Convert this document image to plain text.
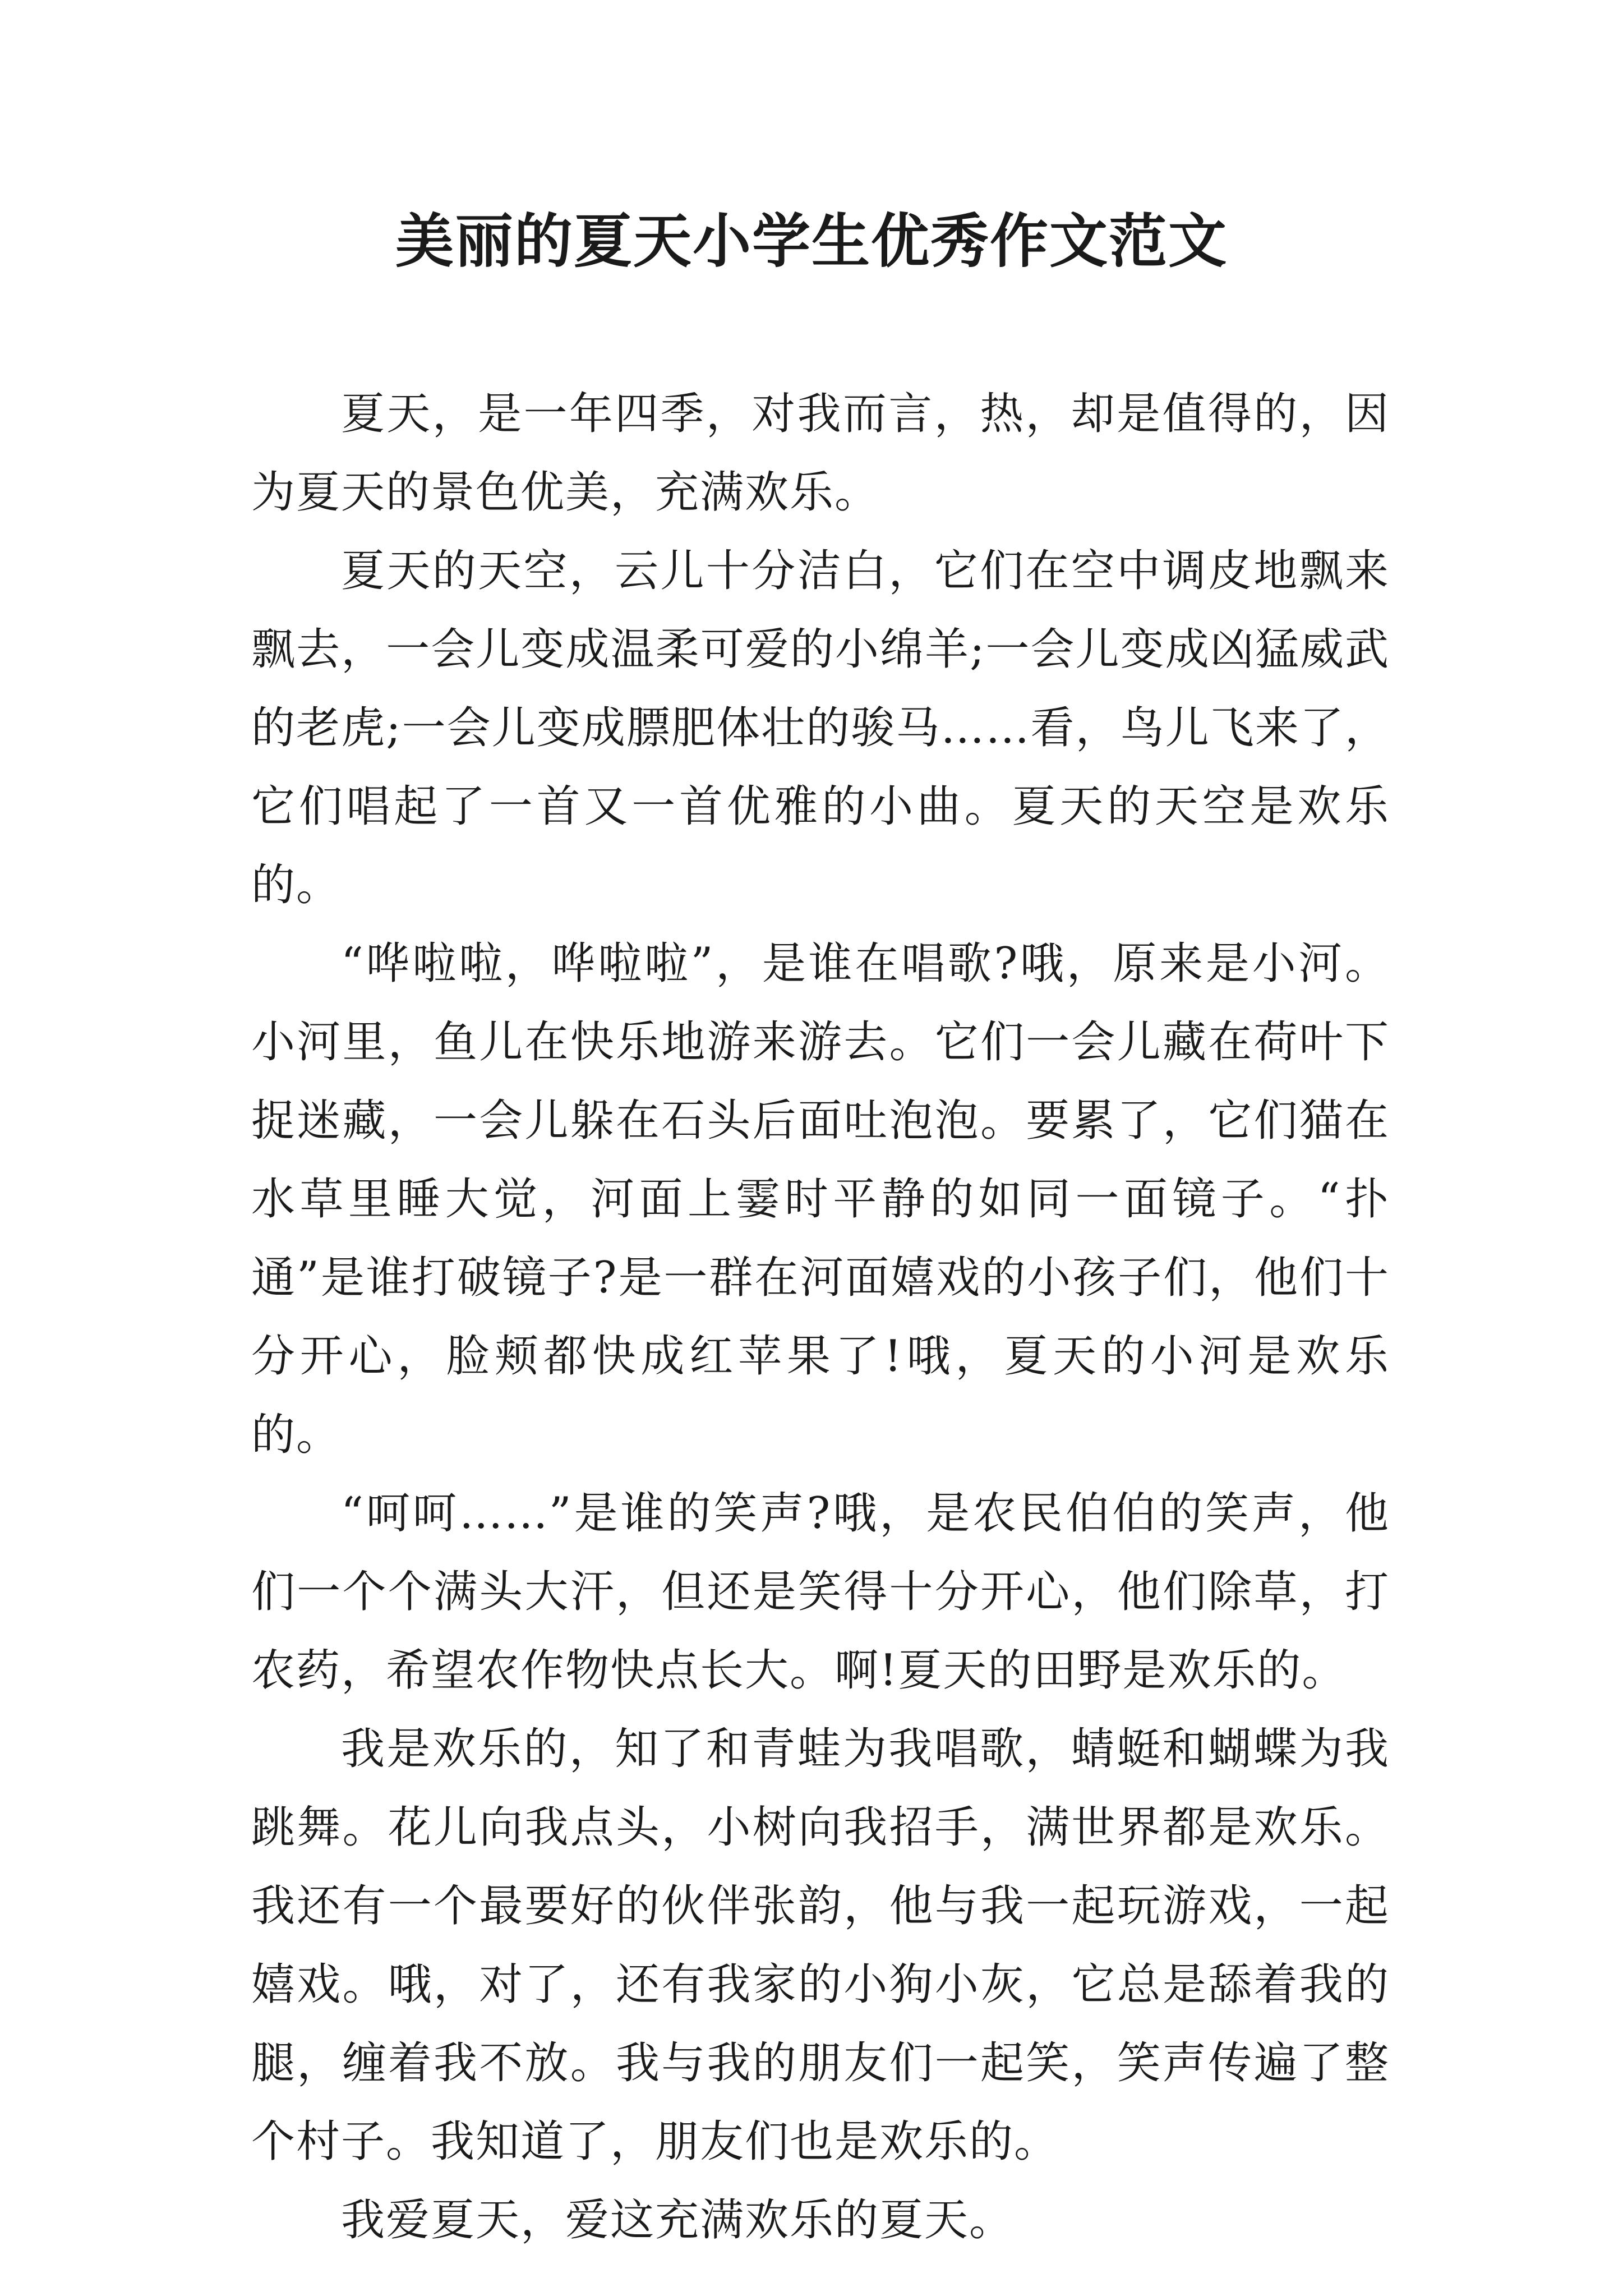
美丽的夏天小学生优秀作文范文

夏天，是一年四季，对我而言，热，却是值得的，因为夏天的景色优美，充满欢乐。

夏天的天空，云儿十分洁白，它们在空中调皮地飘来飘去，一会儿变成温柔可爱的小绵羊;一会儿变成凶猛威武的老虎;一会儿变成膘肥体壮的骏马……看，鸟儿飞来了，它们唱起了一首又一首优雅的小曲。夏天的天空是欢乐的。

“哗啦啦，哗啦啦”，是谁在唱歌?哦，原来是小河。小河里，鱼儿在快乐地游来游去。它们一会儿藏在荷叶下捉迷藏，一会儿躲在石头后面吐泡泡。要累了，它们猫在水草里睡大觉，河面上霎时平静的如同一面镜子。“扑通”是谁打破镜子?是一群在河面嬉戏的小孩子们，他们十分开心，脸颊都快成红苹果了!哦，夏天的小河是欢乐的。

“呵呵……”是谁的笑声?哦，是农民伯伯的笑声，他们一个个满头大汗，但还是笑得十分开心，他们除草，打农药，希望农作物快点长大。啊!夏天的田野是欢乐的。

我是欢乐的，知了和青蛙为我唱歌，蜻蜓和蝴蝶为我跳舞。花儿向我点头，小树向我招手，满世界都是欢乐。我还有一个最要好的伙伴张韵，他与我一起玩游戏，一起嬉戏。哦，对了，还有我家的小狗小灰，它总是舔着我的腿，缠着我不放。我与我的朋友们一起笑，笑声传遍了整个村子。我知道了，朋友们也是欢乐的。

我爱夏天，爱这充满欢乐的夏天。
